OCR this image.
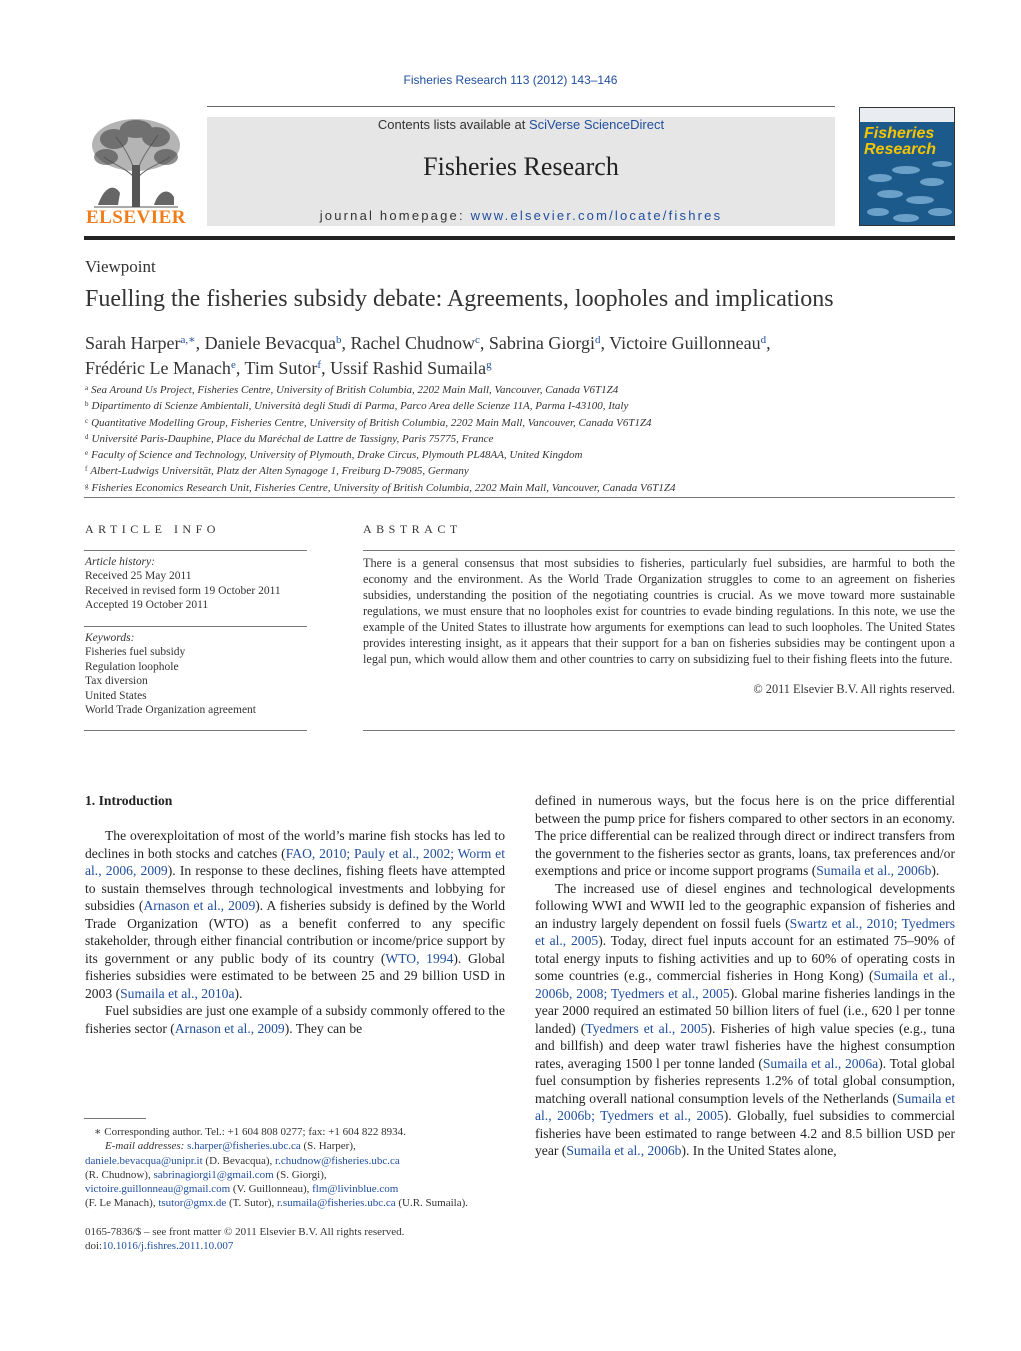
Fisheries Research 113 (2012) 143–146
ELSEVIER
Contents lists available at SciVerse ScienceDirect
Fisheries Research
journal homepage: www.elsevier.com/locate/fishres
Fisheries
Research
Viewpoint
Fuelling the fisheries subsidy debate: Agreements, loopholes and implications
Sarah Harper$^{a,∗}$, Daniele Bevacqua$^b$, Rachel Chudnow$^c$, Sabrina Giorgi$^d$, Victoire Guillonneau$^d$,
Frédéric Le Manach$^e$, Tim Sutor$^f$, Ussif Rashid Sumaila$^g$
$^a$ Sea Around Us Project, Fisheries Centre, University of British Columbia, 2202 Main Mall, Vancouver, Canada V6T1Z4
$^b$ Dipartimento di Scienze Ambientali, Università degli Studi di Parma, Parco Area delle Scienze 11A, Parma I-43100, Italy
$^c$ Quantitative Modelling Group, Fisheries Centre, University of British Columbia, 2202 Main Mall, Vancouver, Canada V6T1Z4
$^d$ Université Paris-Dauphine, Place du Maréchal de Lattre de Tassigny, Paris 75775, France
$^e$ Faculty of Science and Technology, University of Plymouth, Drake Circus, Plymouth PL48AA, United Kingdom
$^f$ Albert-Ludwigs Universität, Platz der Alten Synagoge 1, Freiburg D-79085, Germany
$^g$ Fisheries Economics Research Unit, Fisheries Centre, University of British Columbia, 2202 Main Mall, Vancouver, Canada V6T1Z4
ARTICLE INFO
Article history:
Received 25 May 2011
Received in revised form 19 October 2011
Accepted 19 October 2011
Keywords:
Fisheries fuel subsidy
Regulation loophole
Tax diversion
United States
World Trade Organization agreement
ABSTRACT
There is a general consensus that most subsidies to fisheries, particularly fuel subsidies, are harmful to both the economy and the environment. As the World Trade Organization struggles to come to an agreement on fisheries subsidies, understanding the position of the negotiating countries is crucial. As we move toward more sustainable regulations, we must ensure that no loopholes exist for countries to evade binding regulations. In this note, we use the example of the United States to illustrate how arguments for exemptions can lead to such loopholes. The United States provides interesting insight, as it appears that their support for a ban on fisheries subsidies may be contingent upon a legal pun, which would allow them and other countries to carry on subsidizing fuel to their fishing fleets into the future.
© 2011 Elsevier B.V. All rights reserved.
1. Introduction

The overexploitation of most of the world’s marine fish stocks has led to declines in both stocks and catches (FAO, 2010; Pauly et al., 2002; Worm et al., 2006, 2009). In response to these declines, fishing fleets have attempted to sustain themselves through technological investments and lobbying for subsidies (Arnason et al., 2009). A fisheries subsidy is defined by the World Trade Organization (WTO) as a benefit conferred to any specific stakeholder, through either financial contribution or income/price support by its government or any public body of its country (WTO, 1994). Global fisheries subsidies were estimated to be between 25 and 29 billion USD in 2003 (Sumaila et al., 2010a).

Fuel subsidies are just one example of a subsidy commonly offered to the fisheries sector (Arnason et al., 2009). They can be

defined in numerous ways, but the focus here is on the price differential between the pump price for fishers compared to other sectors in an economy. The price differential can be realized through direct or indirect transfers from the government to the fisheries sector as grants, loans, tax preferences and/or exemptions and price or income support programs (Sumaila et al., 2006b).

The increased use of diesel engines and technological developments following WWI and WWII led to the geographic expansion of fisheries and an industry largely dependent on fossil fuels (Swartz et al., 2010; Tyedmers et al., 2005). Today, direct fuel inputs account for an estimated 75–90% of total energy inputs to fishing activities and up to 60% of operating costs in some countries (e.g., commercial fisheries in Hong Kong) (Sumaila et al., 2006b, 2008; Tyedmers et al., 2005). Global marine fisheries landings in the year 2000 required an estimated 50 billion liters of fuel (i.e., 620 l per tonne landed) (Tyedmers et al., 2005). Fisheries of high value species (e.g., tuna and billfish) and deep water trawl fisheries have the highest consumption rates, averaging 1500 l per tonne landed (Sumaila et al., 2006a). Total global fuel consumption by fisheries represents 1.2% of total global consumption, matching overall national consumption levels of the Netherlands (Sumaila et al., 2006b; Tyedmers et al., 2005). Globally, fuel subsidies to commercial fisheries have been estimated to range between 4.2 and 8.5 billion USD per year (Sumaila et al., 2006b). In the United States alone,

∗ Corresponding author. Tel.: +1 604 808 0277; fax: +1 604 822 8934.
E-mail addresses: s.harper@fisheries.ubc.ca (S. Harper),
daniele.bevacqua@unipr.it (D. Bevacqua), r.chudnow@fisheries.ubc.ca
(R. Chudnow), sabrinagiorgi1@gmail.com (S. Giorgi),
victoire.guillonneau@gmail.com (V. Guillonneau), flm@livinblue.com
(F. Le Manach), tsutor@gmx.de (T. Sutor), r.sumaila@fisheries.ubc.ca (U.R. Sumaila).
0165-7836/$ – see front matter © 2011 Elsevier B.V. All rights reserved.
doi:10.1016/j.fishres.2011.10.007
